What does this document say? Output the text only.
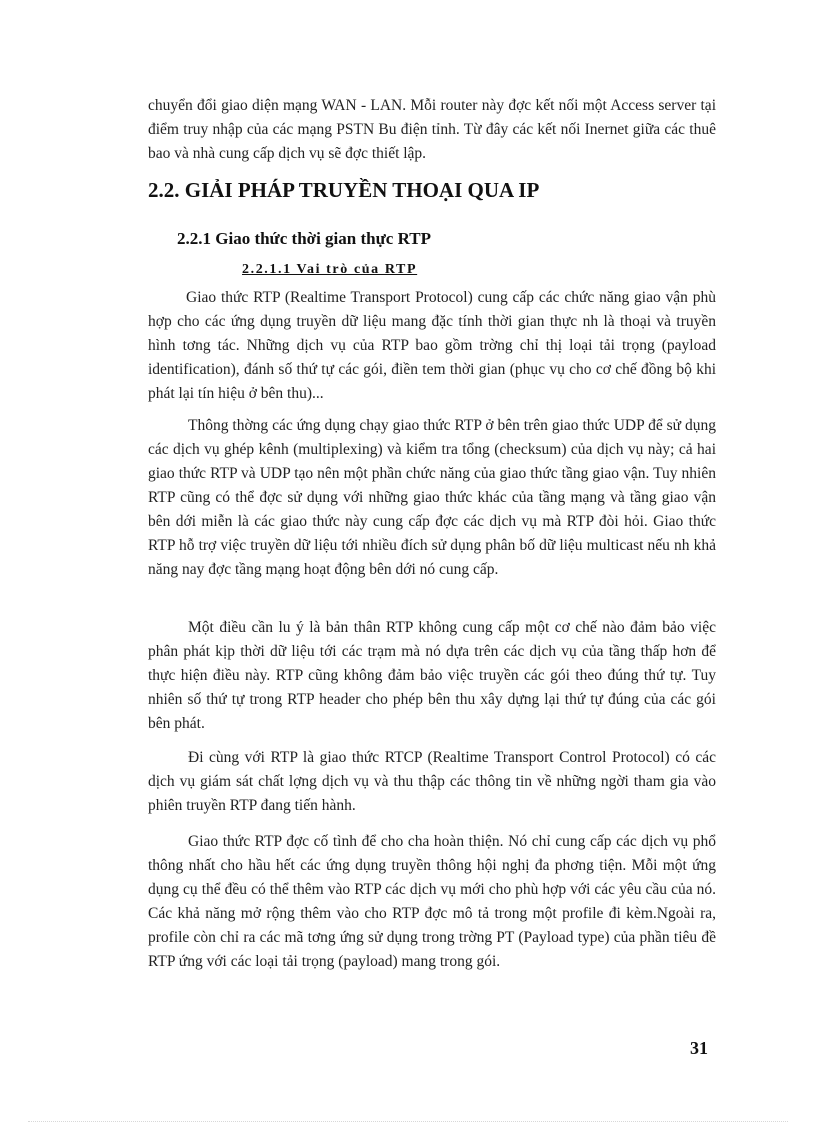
chuyển đổi giao diện mạng WAN - LAN. Mỗi router này đợc kết nối một Access server tại điểm truy nhập của các mạng PSTN Bu điện tỉnh. Từ đây các kết nối Inernet giữa các thuê bao và nhà cung cấp dịch vụ sẽ đợc thiết lập.

2.2. GIẢI PHÁP TRUYỀN THOẠI QUA IP
2.2.1 Giao thức thời gian thực RTP
2.2.1.1 Vai trò của RTP

Giao thức RTP (Realtime Transport Protocol) cung cấp các chức năng giao vận phù hợp cho các ứng dụng truyền dữ liệu mang đặc tính thời gian thực nh là thoại và truyền hình tơng tác. Những dịch vụ của RTP bao gồm trờng chỉ thị loại tải trọng (payload identification), đánh số thứ tự các gói, điền tem thời gian (phục vụ cho cơ chế đồng bộ khi phát lại tín hiệu ở bên thu)...

Thông thờng các ứng dụng chạy giao thức RTP ở bên trên giao thức UDP để sử dụng các dịch vụ ghép kênh (multiplexing) và kiểm tra tổng (checksum) của dịch vụ này; cả hai giao thức RTP và UDP tạo nên một phần chức năng của giao thức tầng giao vận. Tuy nhiên RTP cũng có thể đợc sử dụng với những giao thức khác của tầng mạng và tầng giao vận bên dới miễn là các giao thức này cung cấp đợc các dịch vụ mà RTP đòi hỏi. Giao thức RTP hỗ trợ việc truyền dữ liệu tới nhiều đích sử dụng phân bố dữ liệu multicast nếu nh khả năng nay đợc tầng mạng hoạt động bên dới nó cung cấp.

Một điều cần lu ý là bản thân RTP không cung cấp một cơ chế nào đảm bảo việc phân phát kịp thời dữ liệu tới các trạm mà nó dựa trên các dịch vụ của tầng thấp hơn để thực hiện điều này. RTP cũng không đảm bảo việc truyền các gói theo đúng thứ tự. Tuy nhiên số thứ tự trong RTP header cho phép bên thu xây dựng lại thứ tự đúng của các gói bên phát.

Đi cùng với RTP là giao thức RTCP (Realtime Transport Control Protocol) có các dịch vụ giám sát chất lợng dịch vụ và thu thập các thông tin về những ngời tham gia vào phiên truyền RTP đang tiến hành.

Giao thức RTP đợc cố tình để cho cha hoàn thiện. Nó chỉ cung cấp các dịch vụ phổ thông nhất cho hầu hết các ứng dụng truyền thông hội nghị đa phơng tiện. Mỗi một ứng dụng cụ thể đều có thể thêm vào RTP các dịch vụ mới cho phù hợp với các yêu cầu của nó. Các khả năng mở rộng thêm vào cho RTP đợc mô tả trong một profile đi kèm.Ngoài ra, profile còn chỉ ra các mã tơng ứng sử dụng trong trờng PT (Payload type) của phần tiêu đề RTP ứng với các loại tải trọng (payload) mang trong gói.

31
